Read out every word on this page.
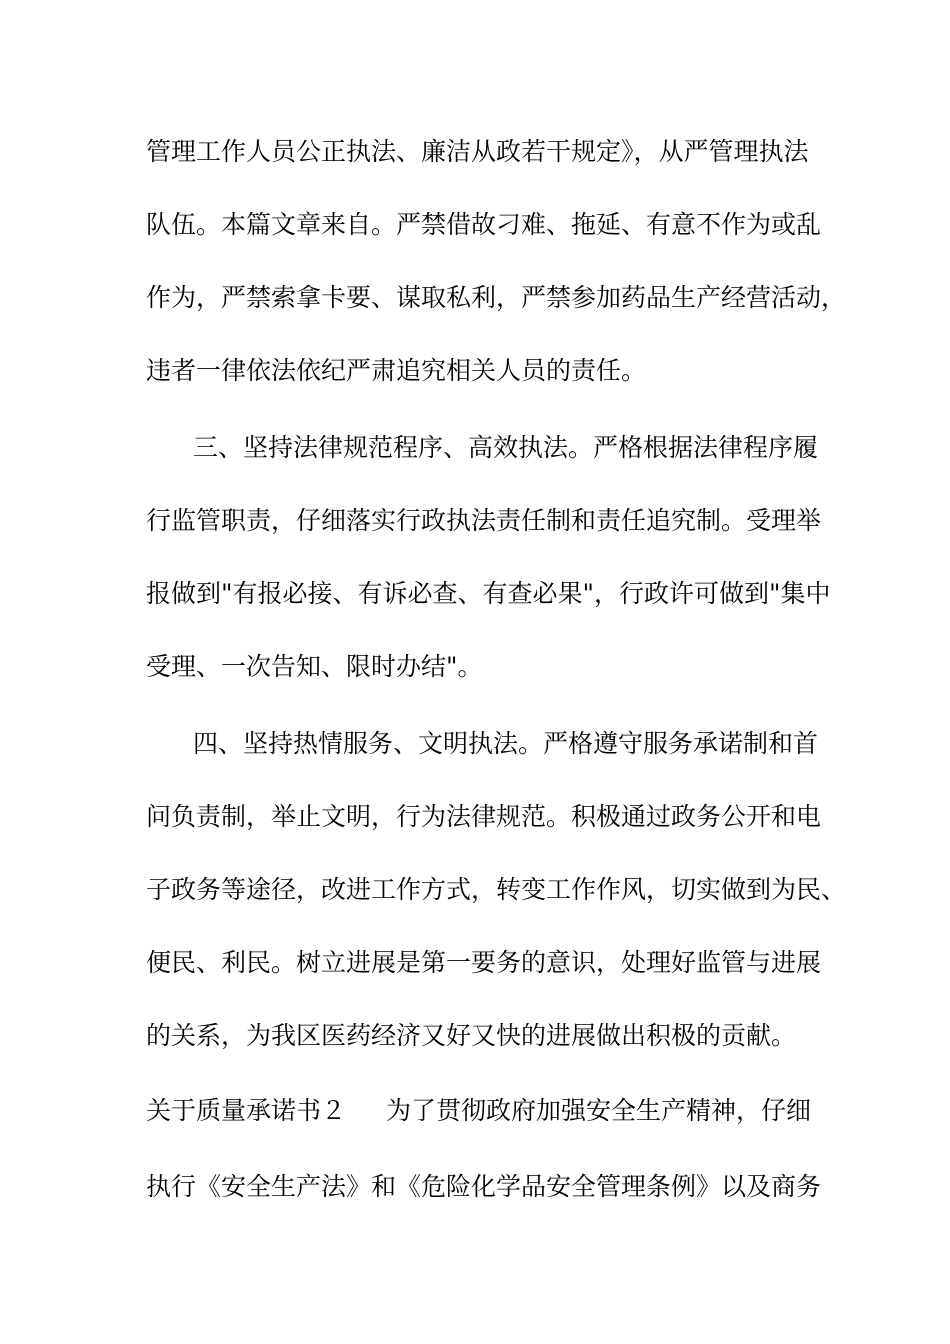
管理工作人员公正执法、廉洁从政若干规定》，从严管理执法
队伍。本篇文章来自。严禁借故刁难、拖延、有意不作为或乱
作为，严禁索拿卡要、谋取私利，严禁参加药品生产经营活动，
违者一律依法依纪严肃追究相关人员的责任。
三、坚持法律规范程序、高效执法。严格根据法律程序履
行监管职责，仔细落实行政执法责任制和责任追究制。受理举
报做到"有报必接、有诉必查、有查必果"，行政许可做到"集中
受理、一次告知、限时办结"。
四、坚持热情服务、文明执法。严格遵守服务承诺制和首
问负责制，举止文明，行为法律规范。积极通过政务公开和电
子政务等途径，改进工作方式，转变工作作风，切实做到为民、
便民、利民。树立进展是第一要务的意识，处理好监管与进展
的关系，为我区医药经济又好又快的进展做出积极的贡献。
关于质量承诺书２ 为了贯彻政府加强安全生产精神，仔细
执行《安全生产法》和《危险化学品安全管理条例》以及商务
